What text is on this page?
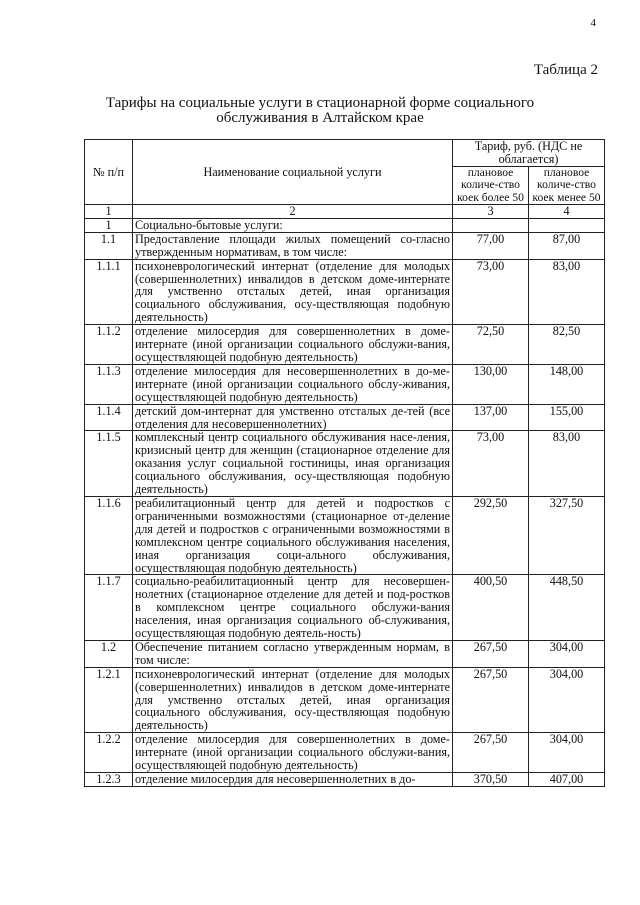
4
Таблица 2
Тарифы на социальные услуги в стационарной форме социального
обслуживания в Алтайском крае
№ п/п	Наименование социальной услуги	Тариф, руб. (НДС не облагается)	
		плановое количе-ство коек более 50	плановое количе-ство коек менее 50
1	2	3	4
1	Социально-бытовые услуги:		
1.1	Предоставление площади жилых помещений со-гласно утвержденным нормативам, в том числе:	77,00	87,00
1.1.1	психоневрологический интернат (отделение для молодых (совершеннолетних) инвалидов в детском доме-интернате для умственно отсталых детей, иная организация социального обслуживания, осу-ществляющая подобную деятельность)	73,00	83,00
1.1.2	отделение милосердия для совершеннолетних в доме-интернате (иной организации социального обслужи-вания, осуществляющей подобную деятельность)	72,50	82,50
1.1.3	отделение милосердия для несовершеннолетних в до-ме-интернате (иной организации социального обслу-живания, осуществляющей подобную деятельность)	130,00	148,00
1.1.4	детский дом-интернат для умственно отсталых де-тей (все отделения для несовершеннолетних)	137,00	155,00
1.1.5	комплексный центр социального обслуживания насе-ления, кризисный центр для женщин (стационарное отделение для оказания услуг социальной гостиницы, иная организация социального обслуживания, осу-ществляющая подобную деятельность)	73,00	83,00
1.1.6	реабилитационный центр для детей и подростков с ограниченными возможностями (стационарное от-деление для детей и подростков с ограниченными возможностями в комплексном центре социального обслуживания населения, иная организация соци-ального обслуживания, осуществляющая подобную деятельность)	292,50	327,50
1.1.7	социально-реабилитационный центр для несовершен-нолетних (стационарное отделение для детей и под-ростков в комплексном центре социального обслужи-вания населения, иная организация социального об-служивания, осуществляющая подобную деятель-ность)	400,50	448,50
1.2	Обеспечение питанием согласно утвержденным нормам, в том числе:	267,50	304,00
1.2.1	психоневрологический интернат (отделение для молодых (совершеннолетних) инвалидов в детском доме-интернате для умственно отсталых детей, иная организация социального обслуживания, осу-ществляющая подобную деятельность)	267,50	304,00
1.2.2	отделение милосердия для совершеннолетних в доме-интернате (иной организации социального обслужи-вания, осуществляющей подобную деятельность)	267,50	304,00
1.2.3	отделение милосердия для несовершеннолетних в до-	370,50	407,00
